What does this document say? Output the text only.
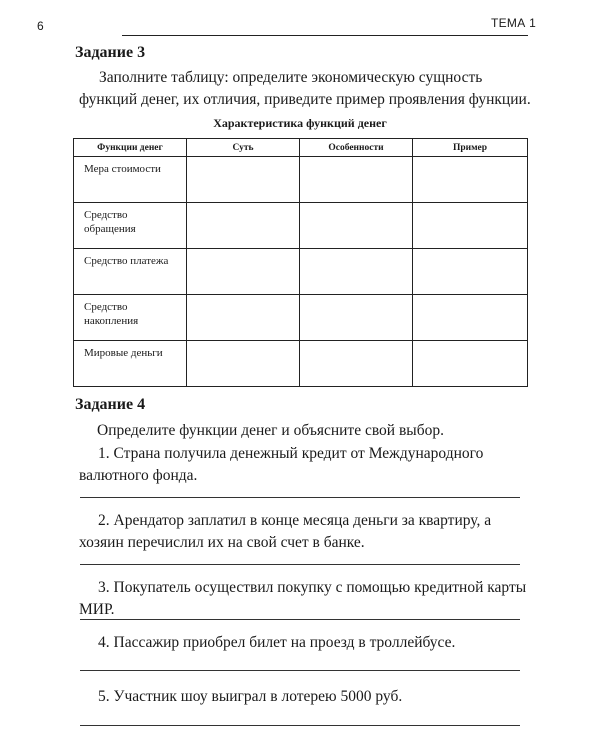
6	ТЕМА 1
Задание 3
Заполните таблицу: определите экономическую сущность функций денег, их отличия, приведите пример проявления функции.
Характеристика функций денег
Функции денег	Суть	Особенности	Пример
Мера стоимости			
Средство обращения			
Средство платежа			
Средство накопления			
Мировые деньги			
Задание 4
Определите функции денег и объясните свой выбор.
1. Страна получила денежный кредит от Международного валютного фонда.
2. Арендатор заплатил в конце месяца деньги за квартиру, а хозяин перечислил их на свой счет в банке.
3. Покупатель осуществил покупку с помощью кредитной карты МИР.
4. Пассажир приобрел билет на проезд в троллейбусе.
5. Участник шоу выиграл в лотерею 5000 руб.
